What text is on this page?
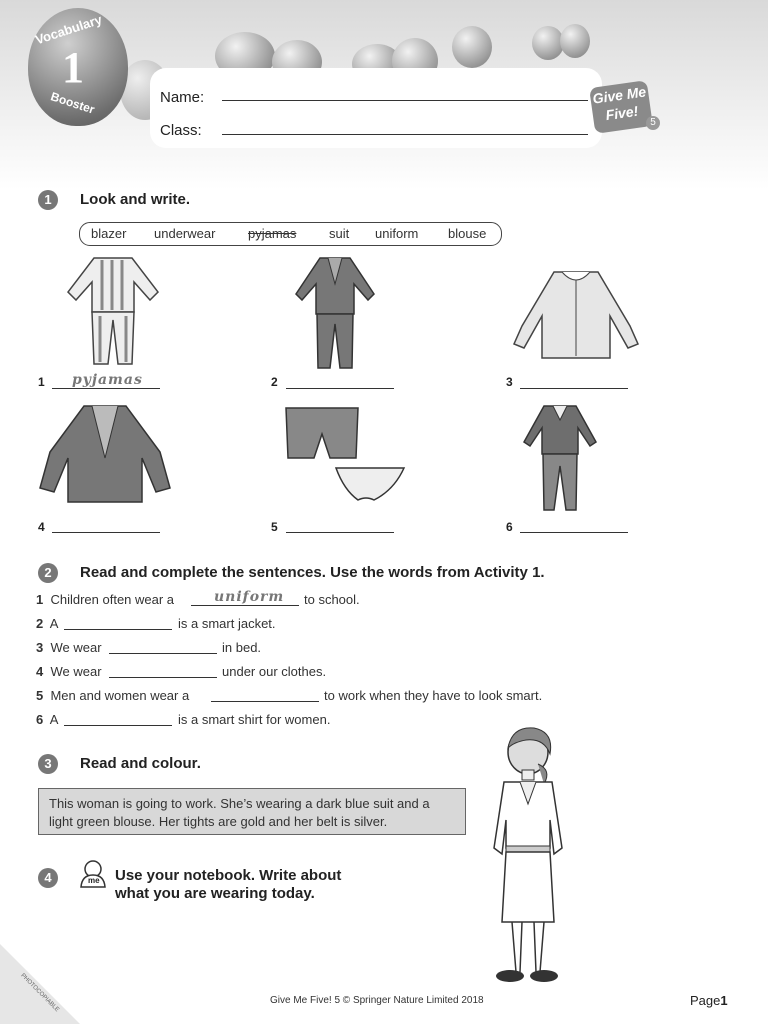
Vocabulary
1
Booster	Name:
Class:
Give Me Five!	5
1	Look and write.
blazer underwear	pyjamas	suit uniform blouse
1 pyjamas	2	3
4	5	6
2	Read and complete the sentences. Use the words from Activity 1.
1 Children often wear a	uniform to school.
2 A	is a smart jacket.
3 We wear	in bed.
4 We wear	under our clothes.
5 Men and women wear a	to work when they have to look smart.
6 A	is a smart shirt for women.
3	Read and colour.
This woman is going to work. She’s wearing a dark blue suit and a light green blouse. Her tights are gold and her belt is silver.
4	me Use your notebook. Write about
what you are wearing today.
PHOTOCOPIABLE	Give Me Five! 5 © Springer Nature Limited 2018	Page1
